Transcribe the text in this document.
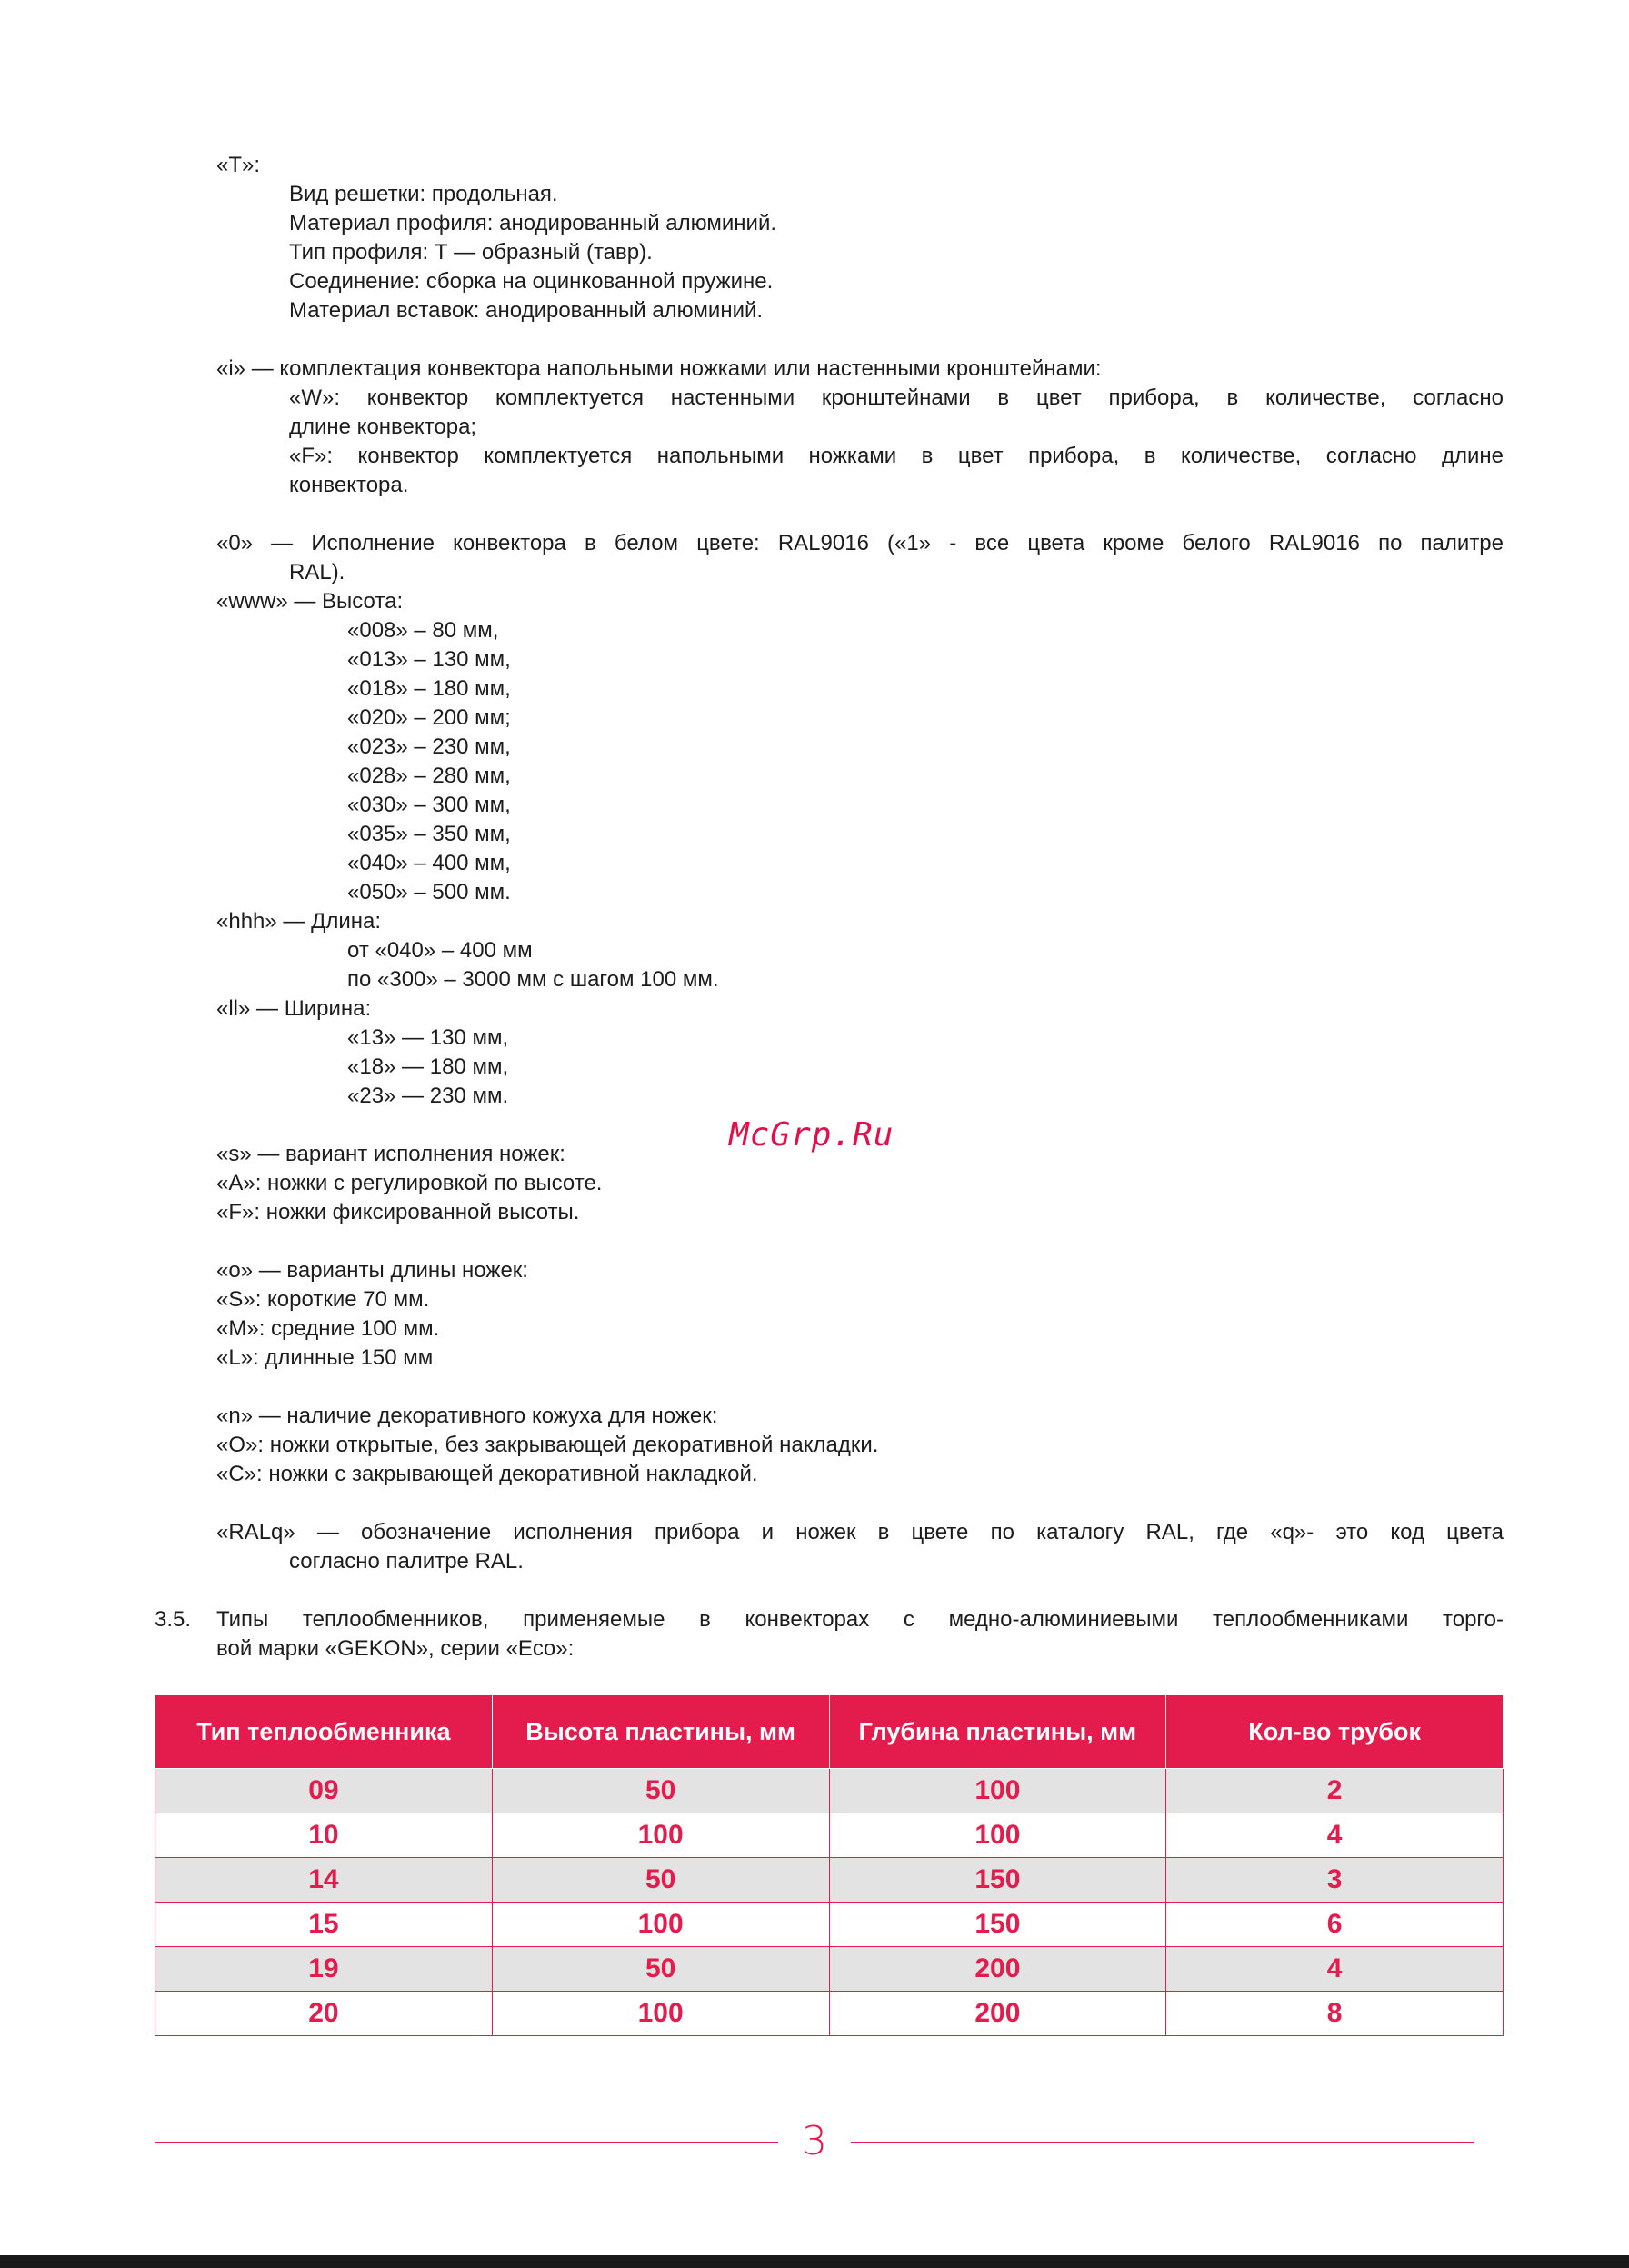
«T»:
Вид решетки: продольная.
Материал профиля: анодированный алюминий.
Тип профиля: Т — образный (тавр).
Соединение: сборка на оцинкованной пружине.
Материал вставок: анодированный алюминий.
«i» — комплектация конвектора напольными ножками или настенными кронштейнами:
«W»: конвектор комплектуется настенными кронштейнами в цвет прибора, в количестве, согласно
длине конвектора;
«F»: конвектор комплектуется напольными ножками в цвет прибора, в количестве, согласно длине
конвектора.
«0» — Исполнение конвектора в белом цвете: RAL9016 («1» - все цвета кроме белого RAL9016 по палитре
RAL).
«www» — Высота:
«008» – 80 мм,
«013» – 130 мм,
«018» – 180 мм,
«020» – 200 мм;
«023» – 230 мм,
«028» – 280 мм,
«030» – 300 мм,
«035» – 350 мм,
«040» – 400 мм,
«050» – 500 мм.
«hhh» — Длина:
от «040» – 400 мм
по «300» – 3000 мм с шагом 100 мм.
«ll» — Ширина:
«13» — 130 мм,
«18» — 180 мм,
«23» — 230 мм.
McGrp.Ru
«s» — вариант исполнения ножек:
«A»: ножки с регулировкой по высоте.
«F»: ножки фиксированной высоты.
«o» — варианты длины ножек:
«S»: короткие 70 мм.
«M»: средние 100 мм.
«L»: длинные 150 мм
«n» — наличие декоративного кожуха для ножек:
«O»: ножки открытые, без закрывающей декоративной накладки.
«C»: ножки с закрывающей декоративной накладкой.
«RALq» — обозначение исполнения прибора и ножек в цвете по каталогу RAL, где «q»- это код цвета
согласно палитре RAL.
3.5. Типы теплообменников, применяемые в конвекторах с медно-алюминиевыми теплообменниками торго-
вой марки «GEKON», серии «Eco»:
Тип теплообменника	Высота пластины, мм	Глубина пластины, мм	Кол-во трубок
09	50	100	2
10	100	100	4
14	50	150	3
15	100	150	6
19	50	200	4
20	100	200	8
3
